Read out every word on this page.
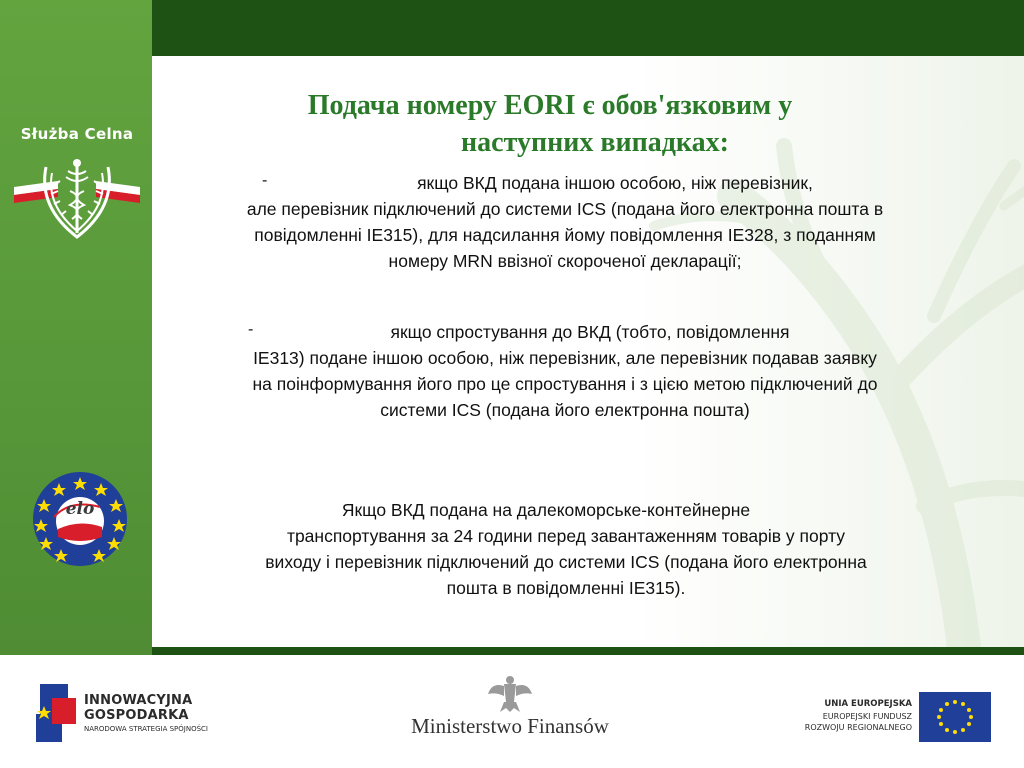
Służba Celna
elo
Подача номеру EORI є обов'язковим у
наступних випадках:
-	якщо ВКД подана іншою особою, ніж перевізник,
але перевізник підключений до системи ICS (подана його електронна пошта в повідомленні IE315), для надсилання йому повідомлення IE328, з поданням номеру MRN ввізної скороченої декларації;
-	якщо спростування до ВКД (тобто, повідомлення
IE313) подане іншою особою, ніж перевізник, але перевізник подавав заявку на поінформування його про це спростування і з цією метою підключений до системи ICS (подана його електронна пошта)
Якщо ВКД подана на далекоморське-контейнерне
транспортування за 24 години перед завантаженням товарів у порту виходу і перевізник підключений до системи ICS (подана його електронна пошта в повідомленні IE315).
INNOWACYJNA
GOSPODARKA
NARODOWA STRATEGIA SPÓJNOŚCI	Ministerstwo Finansów
UNIA EUROPEJSKA
EUROPEJSKI FUNDUSZ
ROZWOJU REGIONALNEGO
